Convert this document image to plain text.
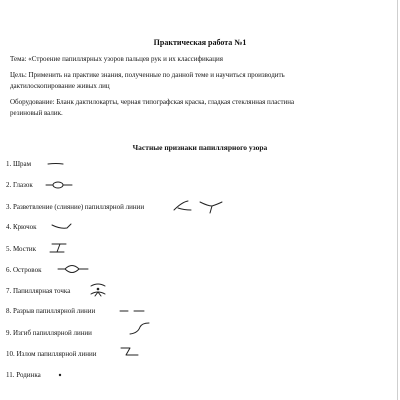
Практическая работа №1
Тема: «Строение папиллярных узоров пальцев рук и их классификация
Цель: Применить на практике знания, полученные по данной теме и научиться производить
дактилоскопирование живых лиц
Оборудование: Бланк дактилокарты, черная типографская краска, гладкая стеклянная пластина
резиновый валик.
Частные признаки папиллярного узора
1. Шрам
2. Глазок
3. Разветвление (слияние) папиллярной линии
4. Крючок
5. Мостик
6. Островок
7. Папиллярная точка
8. Разрыв папиллярной линии
9. Изгиб папиллярной линии
10. Излом папиллярной линии
11. Родинка
